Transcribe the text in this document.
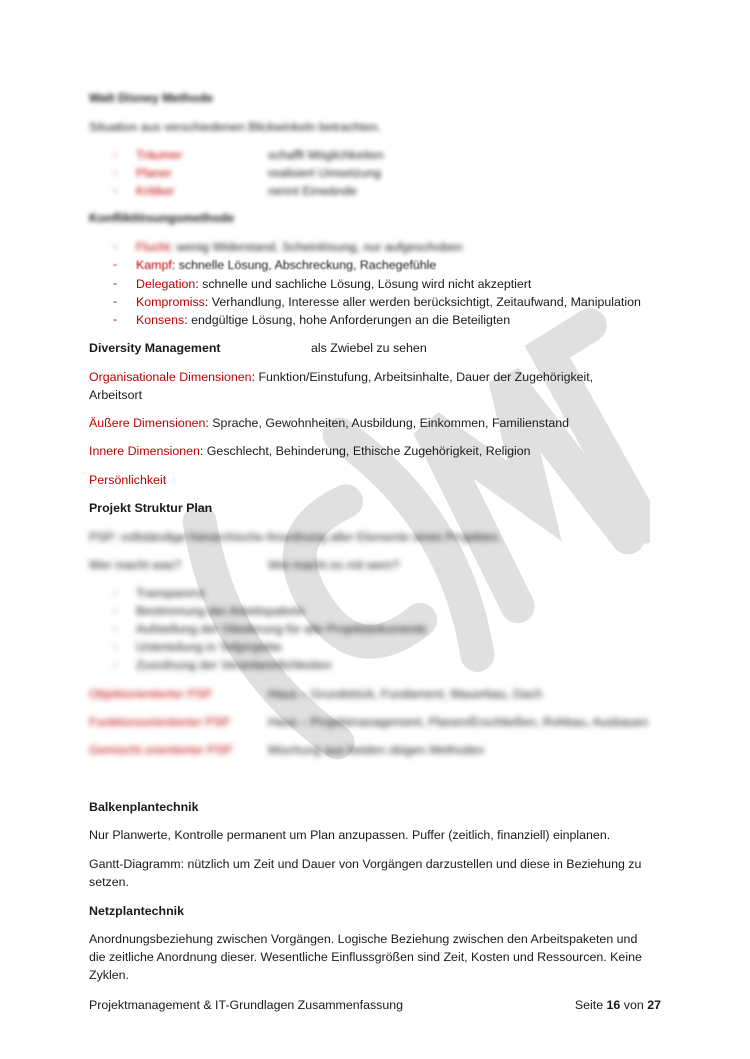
(C)MF
Walt Disney Methode
Situation aus verschiedenen Blickwinkeln betrachten.
- Träumer	schafft Möglichkeiten
- Planer	realisiert Umsetzung
- Kritiker	nennt Einwände
Konfliktlösungsmethode
- Flucht: wenig Widerstand, Scheinlösung, nur aufgeschoben
- Kampf: schnelle Lösung, Abschreckung, Rachegefühle
- Delegation: schnelle und sachliche Lösung, Lösung wird nicht akzeptiert
- Kompromiss: Verhandlung, Interesse aller werden berücksichtigt, Zeitaufwand, Manipulation
- Konsens: endgültige Lösung, hohe Anforderungen an die Beteiligten
Diversity Management	als Zwiebel zu sehen
Organisationale Dimensionen: Funktion/Einstufung, Arbeitsinhalte, Dauer der Zugehörigkeit,
Arbeitsort
Äußere Dimensionen: Sprache, Gewohnheiten, Ausbildung, Einkommen, Familienstand
Innere Dimensionen: Geschlecht, Behinderung, Ethische Zugehörigkeit, Religion
Persönlichkeit
Projekt Struktur Plan
PSP: vollständige hierarchische Anordnung aller Elemente eines Projektes.
Wer macht was?	Wie macht es mit wem?
- Transparenz
- Bestimmung der Arbeitspakete
- Aufstellung der Gliederung für alle Projektdokumente
- Unterteilung in Teilprojekte
- Zuordnung der Verantwortlichkeiten
Objektorientierter PSP	Haus – Grundstück, Fundament, Mauerbau, Dach
Funktionsorientierter PSP	Haus – Projektmanagement, Planen/Erschließen, Rohbau, Ausbauen
Gemischt orientierter PSP	Mischung aus beiden obigen Methoden
Balkenplantechnik
Nur Planwerte, Kontrolle permanent um Plan anzupassen. Puffer (zeitlich, finanziell) einplanen.
Gantt-Diagramm: nützlich um Zeit und Dauer von Vorgängen darzustellen und diese in Beziehung zu
setzen.
Netzplantechnik
Anordnungsbeziehung zwischen Vorgängen. Logische Beziehung zwischen den Arbeitspaketen und
die zeitliche Anordnung dieser. Wesentliche Einflussgrößen sind Zeit, Kosten und Ressourcen. Keine
Zyklen.
Projektmanagement & IT-Grundlagen Zusammenfassung	Seite 16 von 27
